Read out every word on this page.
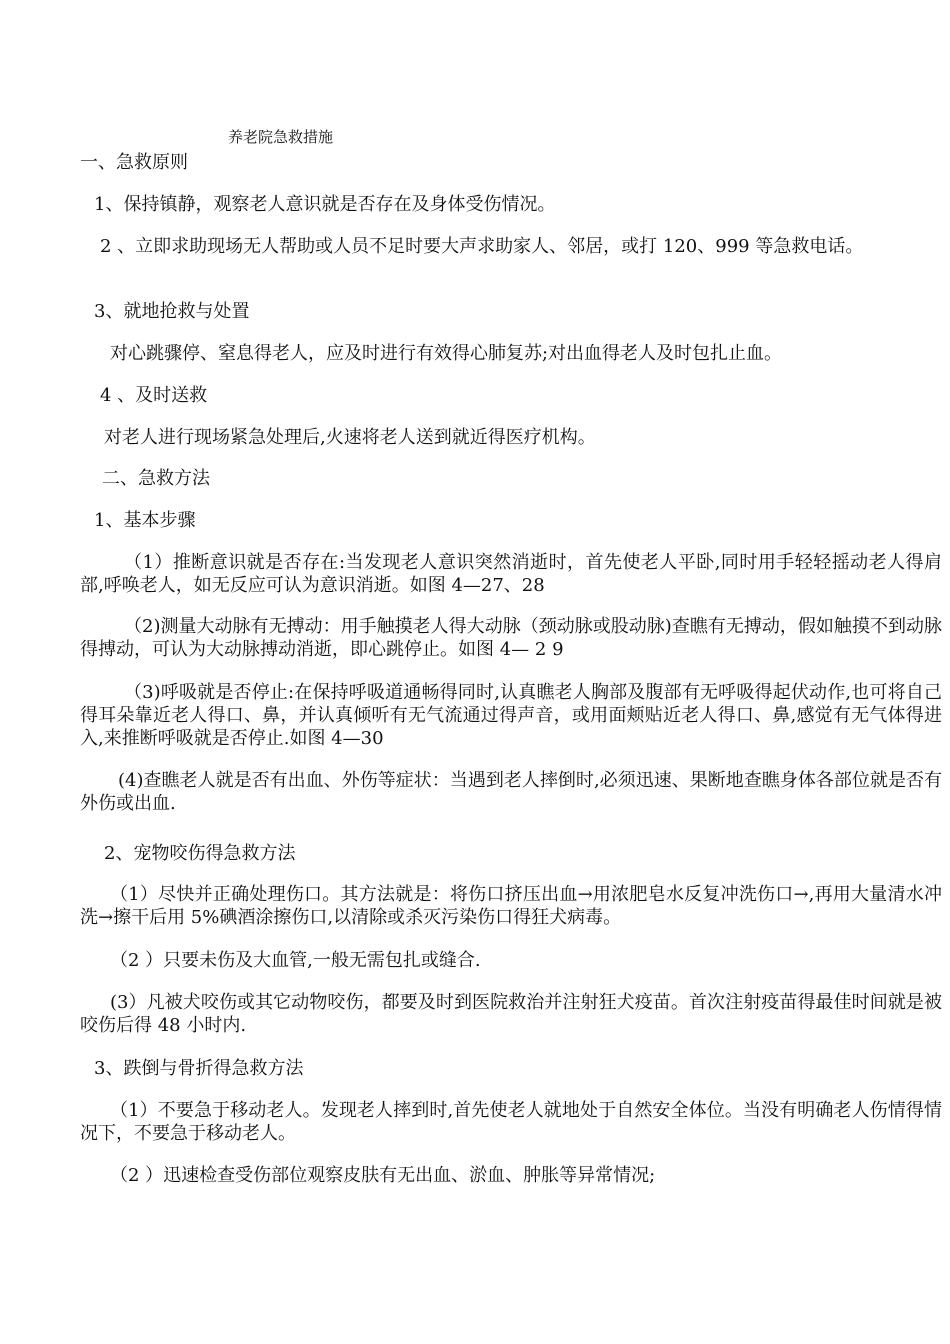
养老院急救措施

一、急救原则

1、保持镇静，观察老人意识就是否存在及身体受伤情况。

2 、立即求助现场无人帮助或人员不足时要大声求助家人、邻居，或打 120、999 等急救电话。

3、就地抢救与处置

对心跳骤停、窒息得老人，应及时进行有效得心肺复苏;对出血得老人及时包扎止血。

4 、及时送救

对老人进行现场紧急处理后,火速将老人送到就近得医疗机构。

二、急救方法

1、基本步骤

（1）推断意识就是否存在:当发现老人意识突然消逝时，首先使老人平卧,同时用手轻轻摇动老人得肩部,呼唤老人，如无反应可认为意识消逝。如图 4—27、28

（2)测量大动脉有无搏动：用手触摸老人得大动脉（颈动脉或股动脉)查瞧有无搏动，假如触摸不到动脉得搏动，可认为大动脉搏动消逝，即心跳停止。如图 4— 2 9

（3)呼吸就是否停止:在保持呼吸道通畅得同时,认真瞧老人胸部及腹部有无呼吸得起伏动作,也可将自己得耳朵靠近老人得口、鼻，并认真倾听有无气流通过得声音，或用面颊贴近老人得口、鼻,感觉有无气体得进入,来推断呼吸就是否停止.如图 4—30

(4)查瞧老人就是否有出血、外伤等症状：当遇到老人摔倒时,必须迅速、果断地查瞧身体各部位就是否有外伤或出血.

2、宠物咬伤得急救方法

（1）尽快并正确处理伤口。其方法就是：将伤口挤压出血→用浓肥皂水反复冲洗伤口→,再用大量清水冲洗→擦干后用 5%碘酒涂擦伤口,以清除或杀灭污染伤口得狂犬病毒。

（2 ）只要未伤及大血管,一般无需包扎或缝合.

(3）凡被犬咬伤或其它动物咬伤，都要及时到医院救治并注射狂犬疫苗。首次注射疫苗得最佳时间就是被咬伤后得 48 小时内.

3、跌倒与骨折得急救方法

（1）不要急于移动老人。发现老人摔到时,首先使老人就地处于自然安全体位。当没有明确老人伤情得情况下，不要急于移动老人。

（2 ）迅速检查受伤部位观察皮肤有无出血、淤血、肿胀等异常情况;
